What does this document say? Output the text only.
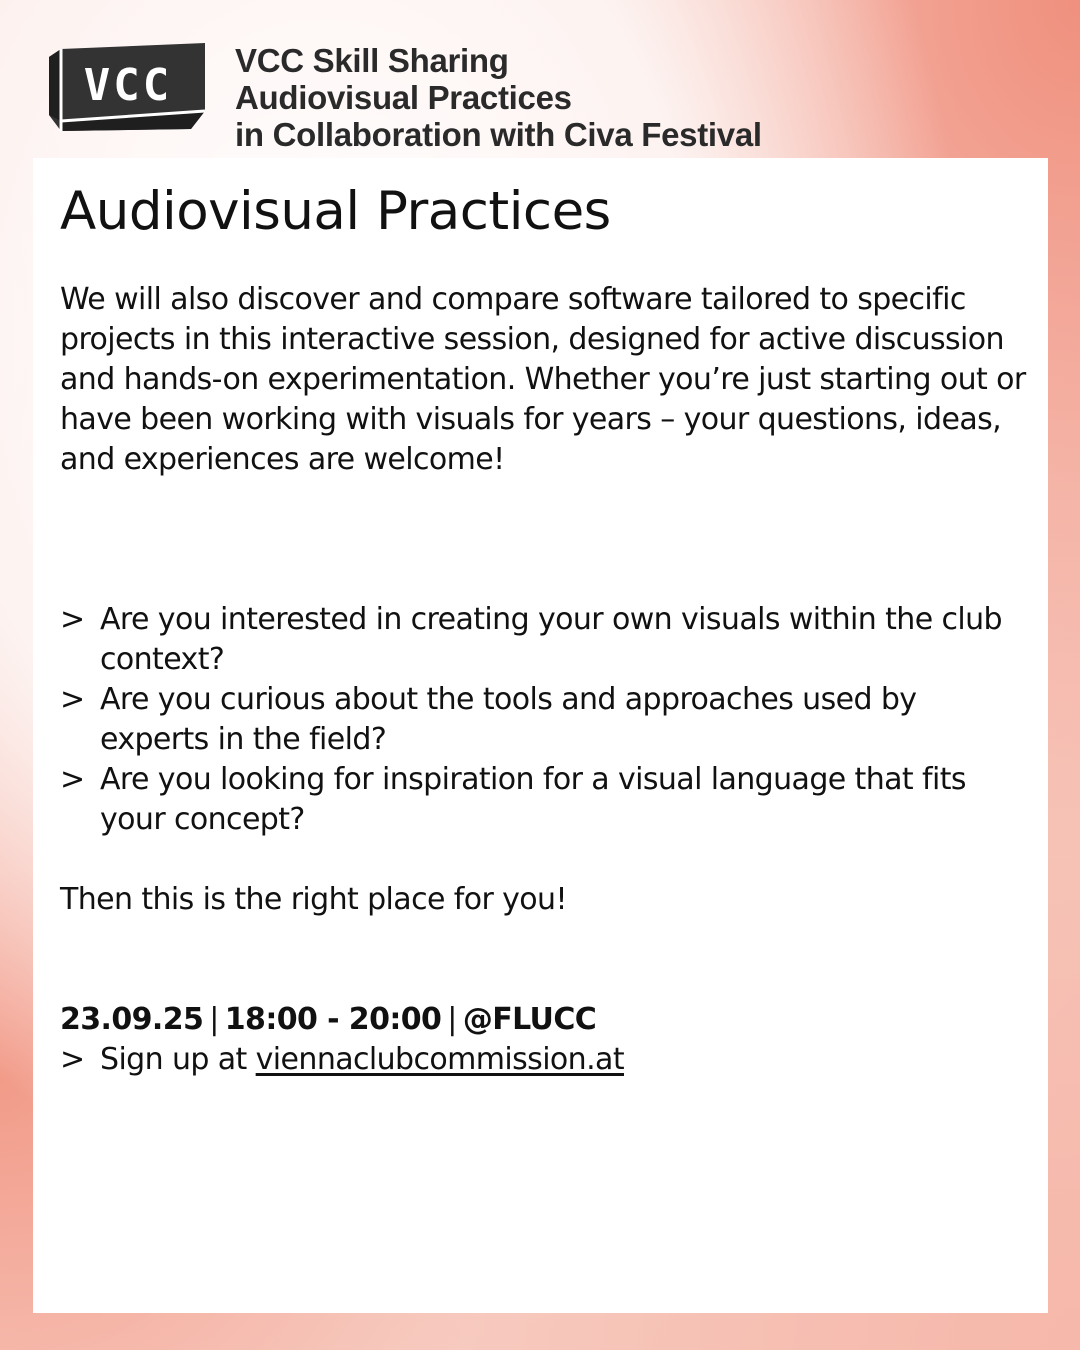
VCC	VCC Skill Sharing
Audiovisual Practices
in Collaboration with Civa Festival
Audiovisual Practices

We will also discover and compare software tailored to specific projects in this interactive session, designed for active discussion and hands-on experimentation. Whether you’re just starting out or have been working with visuals for years – your questions, ideas, and experiences are welcome!

> Are you interested in creating your own visuals within the club context?
> Are you curious about the tools and approaches used by experts in the field?
> Are you looking for inspiration for a visual language that fits your concept?

Then this is the right place for you!

23.09.25 | 18:00 - 20:00 | @FLUCC

> Sign up at viennaclubcommission.at
